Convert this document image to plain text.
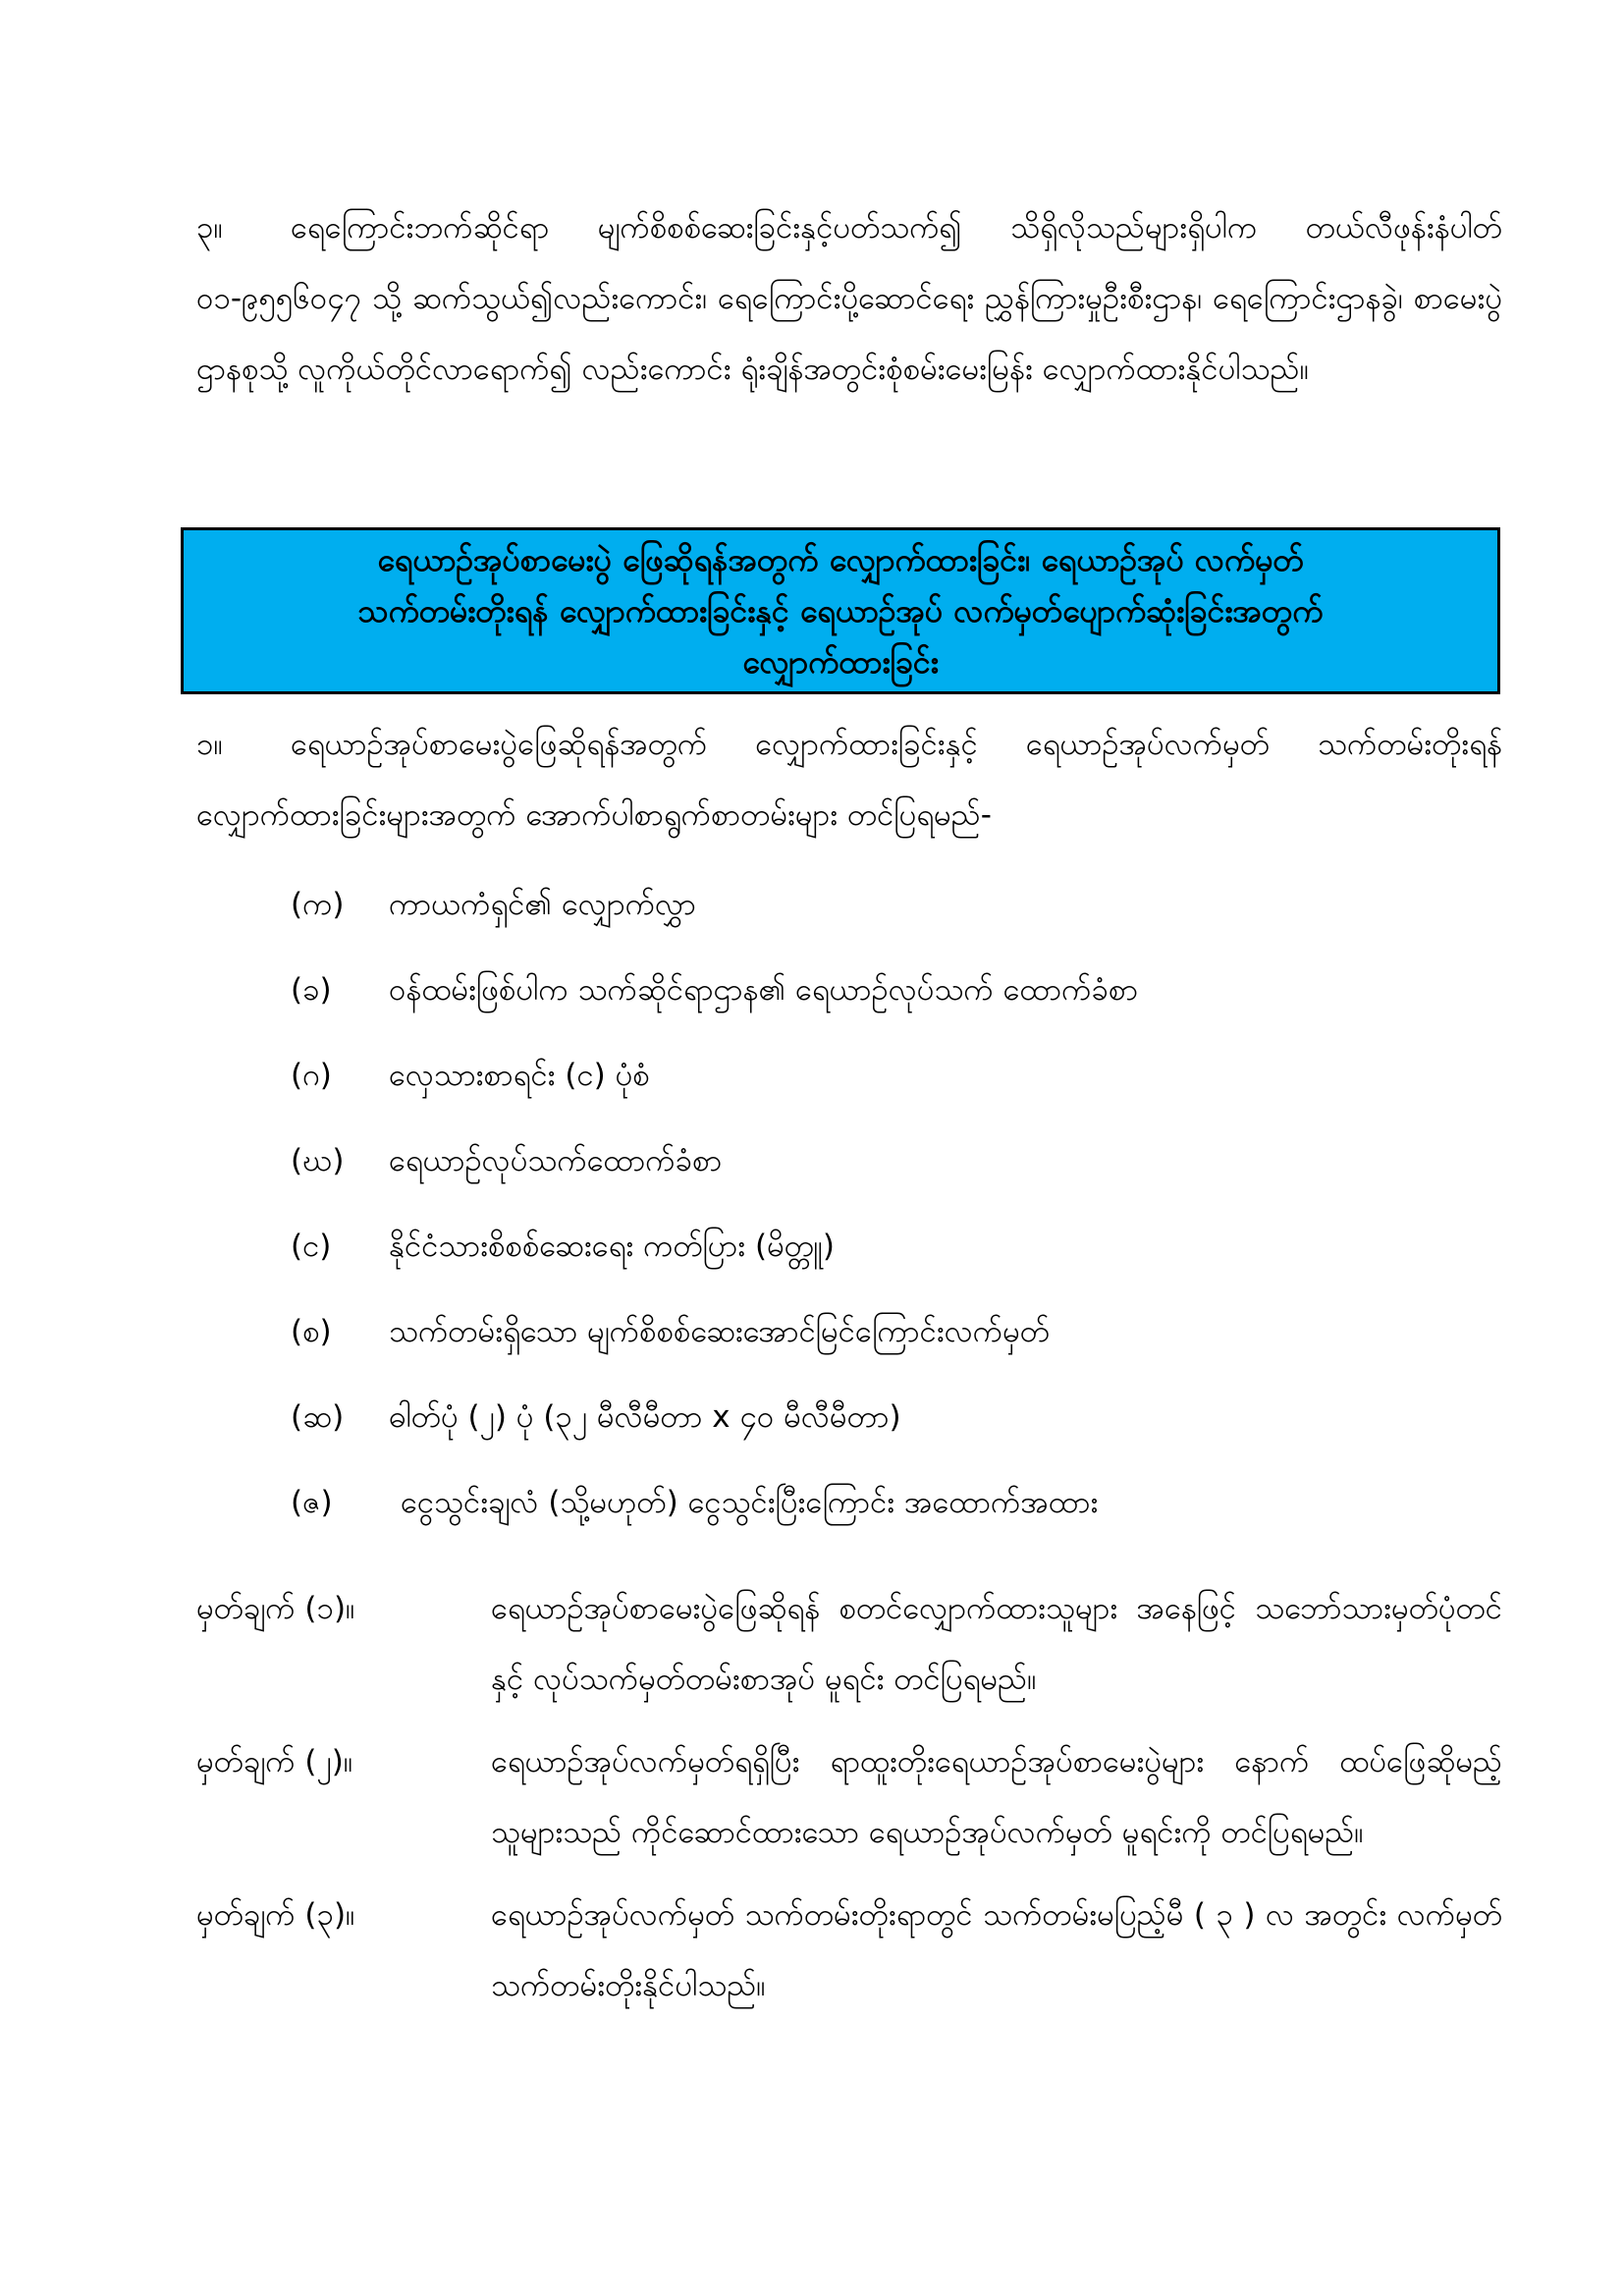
၃။ ရေကြောင်းဘက်ဆိုင်ရာ မျက်စိစစ်ဆေးခြင်းနှင့်ပတ်သက်၍ သိရှိလိုသည်များရှိပါက တယ်လီဖုန်းနံပါတ် ၀၁-၉၅၅၆၀၄၇ သို့ ဆက်သွယ်၍လည်းကောင်း၊ ရေကြောင်းပို့ဆောင်ရေး ညွှန်ကြားမှုဦးစီးဌာန၊ ရေကြောင်းဌာနခွဲ၊ စာမေးပွဲဌာနစုသို့ လူကိုယ်တိုင်လာရောက်၍ လည်းကောင်း ရုံးချိန်အတွင်းစုံစမ်းမေးမြန်း လျှောက်ထားနိုင်ပါသည်။

ရေယာဉ်အုပ်စာမေးပွဲ ဖြေဆိုရန်အတွက် လျှောက်ထားခြင်း၊ ရေယာဉ်အုပ် လက်မှတ်
သက်တမ်းတိုးရန် လျှောက်ထားခြင်းနှင့် ရေယာဉ်အုပ် လက်မှတ်ပျောက်ဆုံးခြင်းအတွက်
လျှောက်ထားခြင်း

၁။ ရေယာဉ်အုပ်စာမေးပွဲဖြေဆိုရန်အတွက် လျှောက်ထားခြင်းနှင့် ရေယာဉ်အုပ်လက်မှတ် သက်တမ်းတိုးရန် လျှောက်ထားခြင်းများအတွက် အောက်ပါစာရွက်စာတမ်းများ တင်ပြရမည်-

(က)	ကာယကံရှင်၏ လျှောက်လွှာ
(ခ)	ဝန်ထမ်းဖြစ်ပါက သက်ဆိုင်ရာဌာန၏ ရေယာဉ်လုပ်သက် ထောက်ခံစာ
(ဂ)	လှေသားစာရင်း (င) ပုံစံ
(ဃ)	ရေယာဉ်လုပ်သက်ထောက်ခံစာ
(င)	နိုင်ငံသားစိစစ်ဆေးရေး ကတ်ပြား (မိတ္တူ)
(စ)	သက်တမ်းရှိသော မျက်စိစစ်ဆေးအောင်မြင်ကြောင်းလက်မှတ်
(ဆ)	ဓါတ်ပုံ (၂) ပုံ (၃၂ မီလီမီတာ x ၄၀ မီလီမီတာ)
(ဇ)	ငွေသွင်းချလံ (သို့မဟုတ်) ငွေသွင်းပြီးကြောင်း အထောက်အထား
မှတ်ချက် (၁)။	ရေယာဉ်အုပ်စာမေးပွဲဖြေဆိုရန် စတင်လျှောက်ထားသူများ အနေဖြင့် သဘော်သားမှတ်ပုံတင်နှင့် လုပ်သက်မှတ်တမ်းစာအုပ် မူရင်း တင်ပြရမည်။
မှတ်ချက် (၂)။	ရေယာဉ်အုပ်လက်မှတ်ရရှိပြီး ရာထူးတိုးရေယာဉ်အုပ်စာမေးပွဲများ နောက် ထပ်ဖြေဆိုမည့်သူများသည် ကိုင်ဆောင်ထားသော ရေယာဉ်အုပ်လက်မှတ် မူရင်းကို တင်ပြရမည်။
မှတ်ချက် (၃)။	ရေယာဉ်အုပ်လက်မှတ် သက်တမ်းတိုးရာတွင် သက်တမ်းမပြည့်မီ ( ၃ ) လ အတွင်း လက်မှတ်သက်တမ်းတိုးနိုင်ပါသည်။
